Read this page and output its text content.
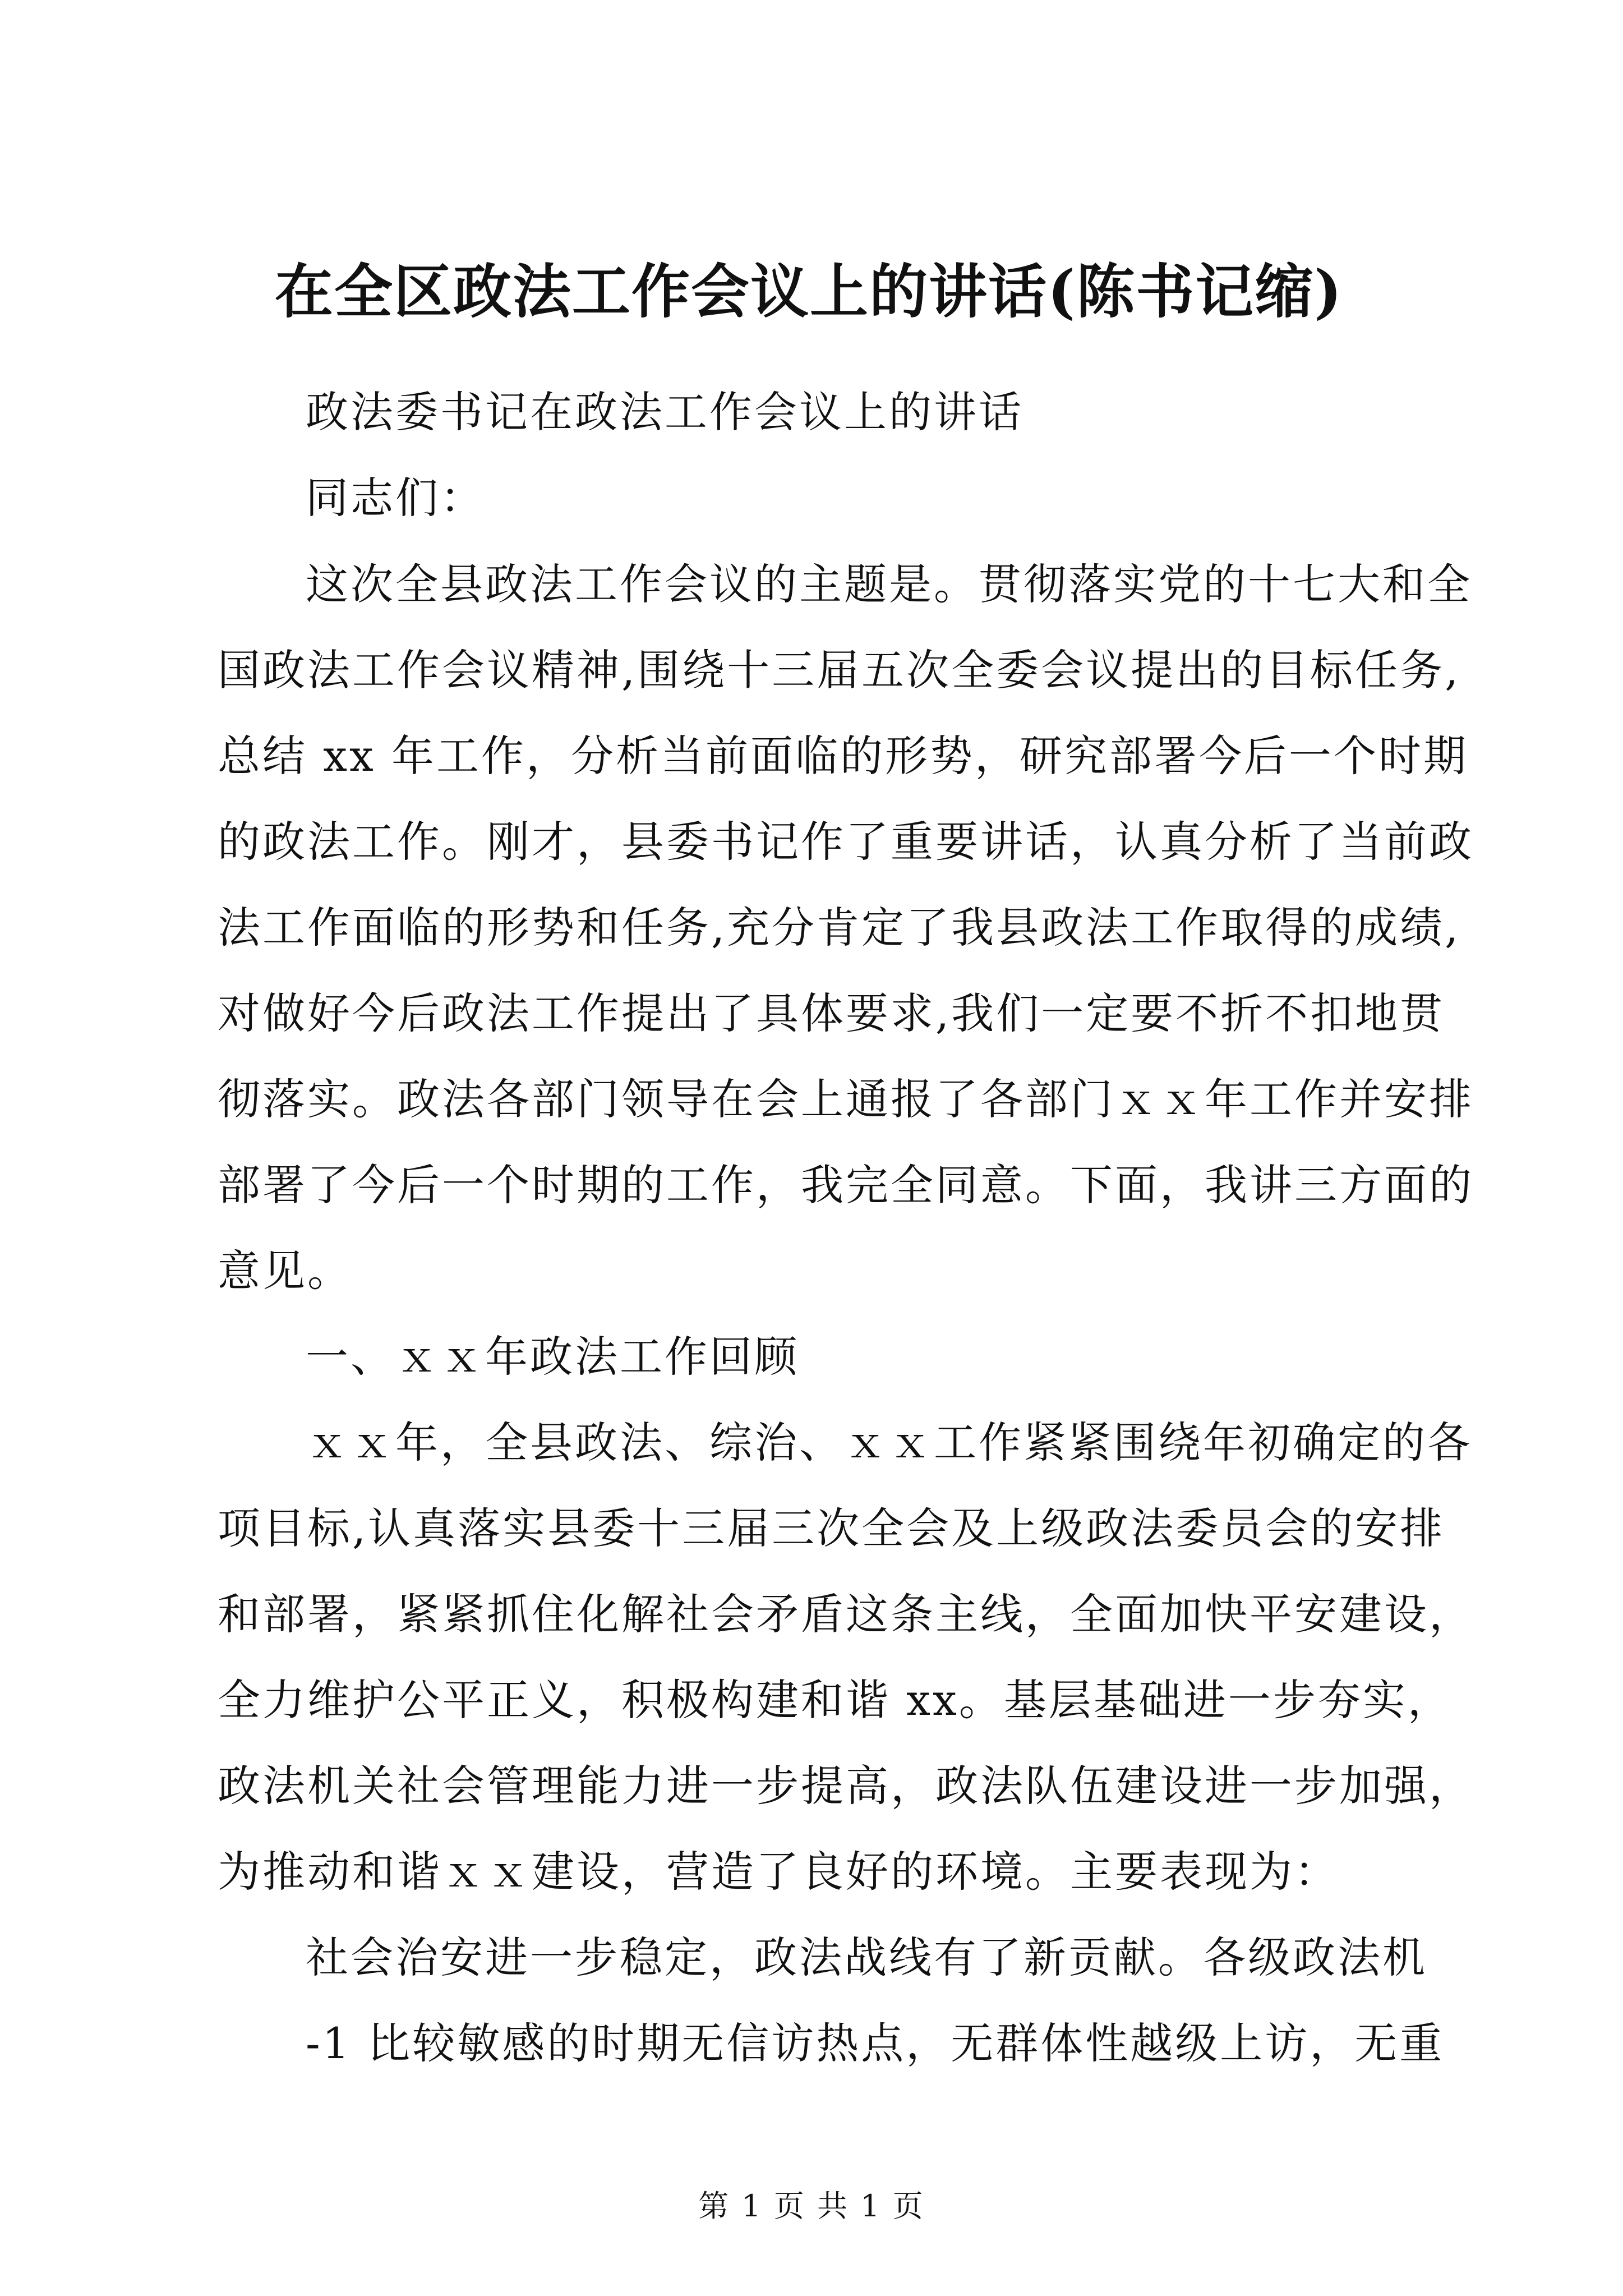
在全区政法工作会议上的讲话(陈书记缩)
政法委书记在政法工作会议上的讲话
同志们：
这次全县政法工作会议的主题是。贯彻落实党的十七大和全
国政法工作会议精神,围绕十三届五次全委会议提出的目标任务,
总结 xx 年工作，分析当前面临的形势，研究部署今后一个时期
的政法工作。刚才，县委书记作了重要讲话，认真分析了当前政
法工作面临的形势和任务,充分肯定了我县政法工作取得的成绩,
对做好今后政法工作提出了具体要求,我们一定要不折不扣地贯
彻落实。政法各部门领导在会上通报了各部门ｘｘ年工作并安排
部署了今后一个时期的工作，我完全同意。下面，我讲三方面的
意见。
一、ｘｘ年政法工作回顾
ｘｘ年，全县政法、综治、ｘｘ工作紧紧围绕年初确定的各
项目标,认真落实县委十三届三次全会及上级政法委员会的安排
和部署，紧紧抓住化解社会矛盾这条主线，全面加快平安建设，
全力维护公平正义，积极构建和谐 xx。基层基础进一步夯实，
政法机关社会管理能力进一步提高，政法队伍建设进一步加强，
为推动和谐ｘｘ建设，营造了良好的环境。主要表现为：
社会治安进一步稳定，政法战线有了新贡献。各级政法机
-1 比较敏感的时期无信访热点，无群体性越级上访，无重
第 1 页 共 1 页
